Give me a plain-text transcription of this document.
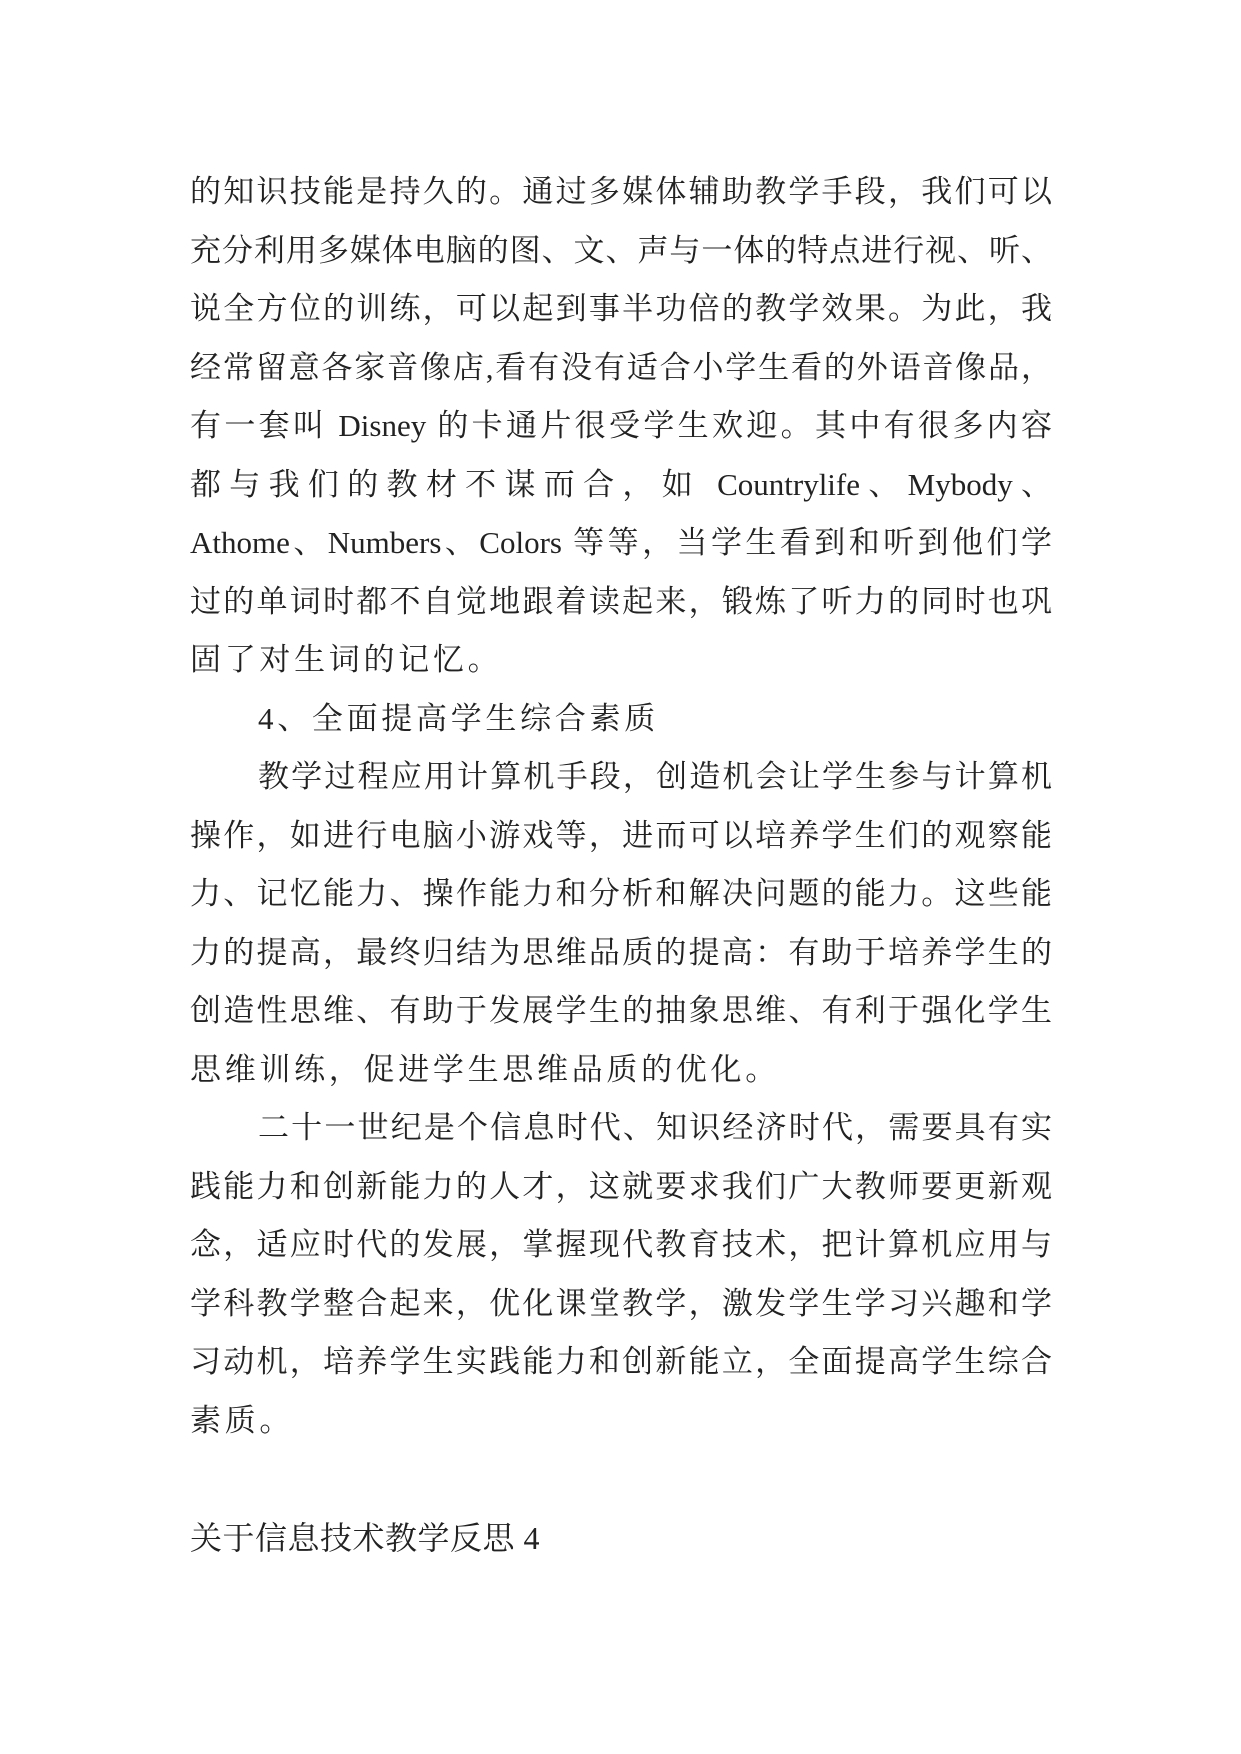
的知识技能是持久的。通过多媒体辅助教学手段，我们可以
充分利用多媒体电脑的图、文、声与一体的特点进行视、听、
说全方位的训练，可以起到事半功倍的教学效果。为此，我
经常留意各家音像店,看有没有适合小学生看的外语音像品，
有一套叫 Disney 的卡通片很受学生欢迎。其中有很多内容
都与我们的教材不谋而合，如 Countrylife、Mybody、
Athome、Numbers、Colors 等等，当学生看到和听到他们学
过的单词时都不自觉地跟着读起来，锻炼了听力的同时也巩
固了对生词的记忆。
4、全面提高学生综合素质
教学过程应用计算机手段，创造机会让学生参与计算机
操作，如进行电脑小游戏等，进而可以培养学生们的观察能
力、记忆能力、操作能力和分析和解决问题的能力。这些能
力的提高，最终归结为思维品质的提高：有助于培养学生的
创造性思维、有助于发展学生的抽象思维、有利于强化学生
思维训练，促进学生思维品质的优化。
二十一世纪是个信息时代、知识经济时代，需要具有实
践能力和创新能力的人才，这就要求我们广大教师要更新观
念，适应时代的发展，掌握现代教育技术，把计算机应用与
学科教学整合起来，优化课堂教学，激发学生学习兴趣和学
习动机，培养学生实践能力和创新能立，全面提高学生综合
素质。
关于信息技术教学反思 4
